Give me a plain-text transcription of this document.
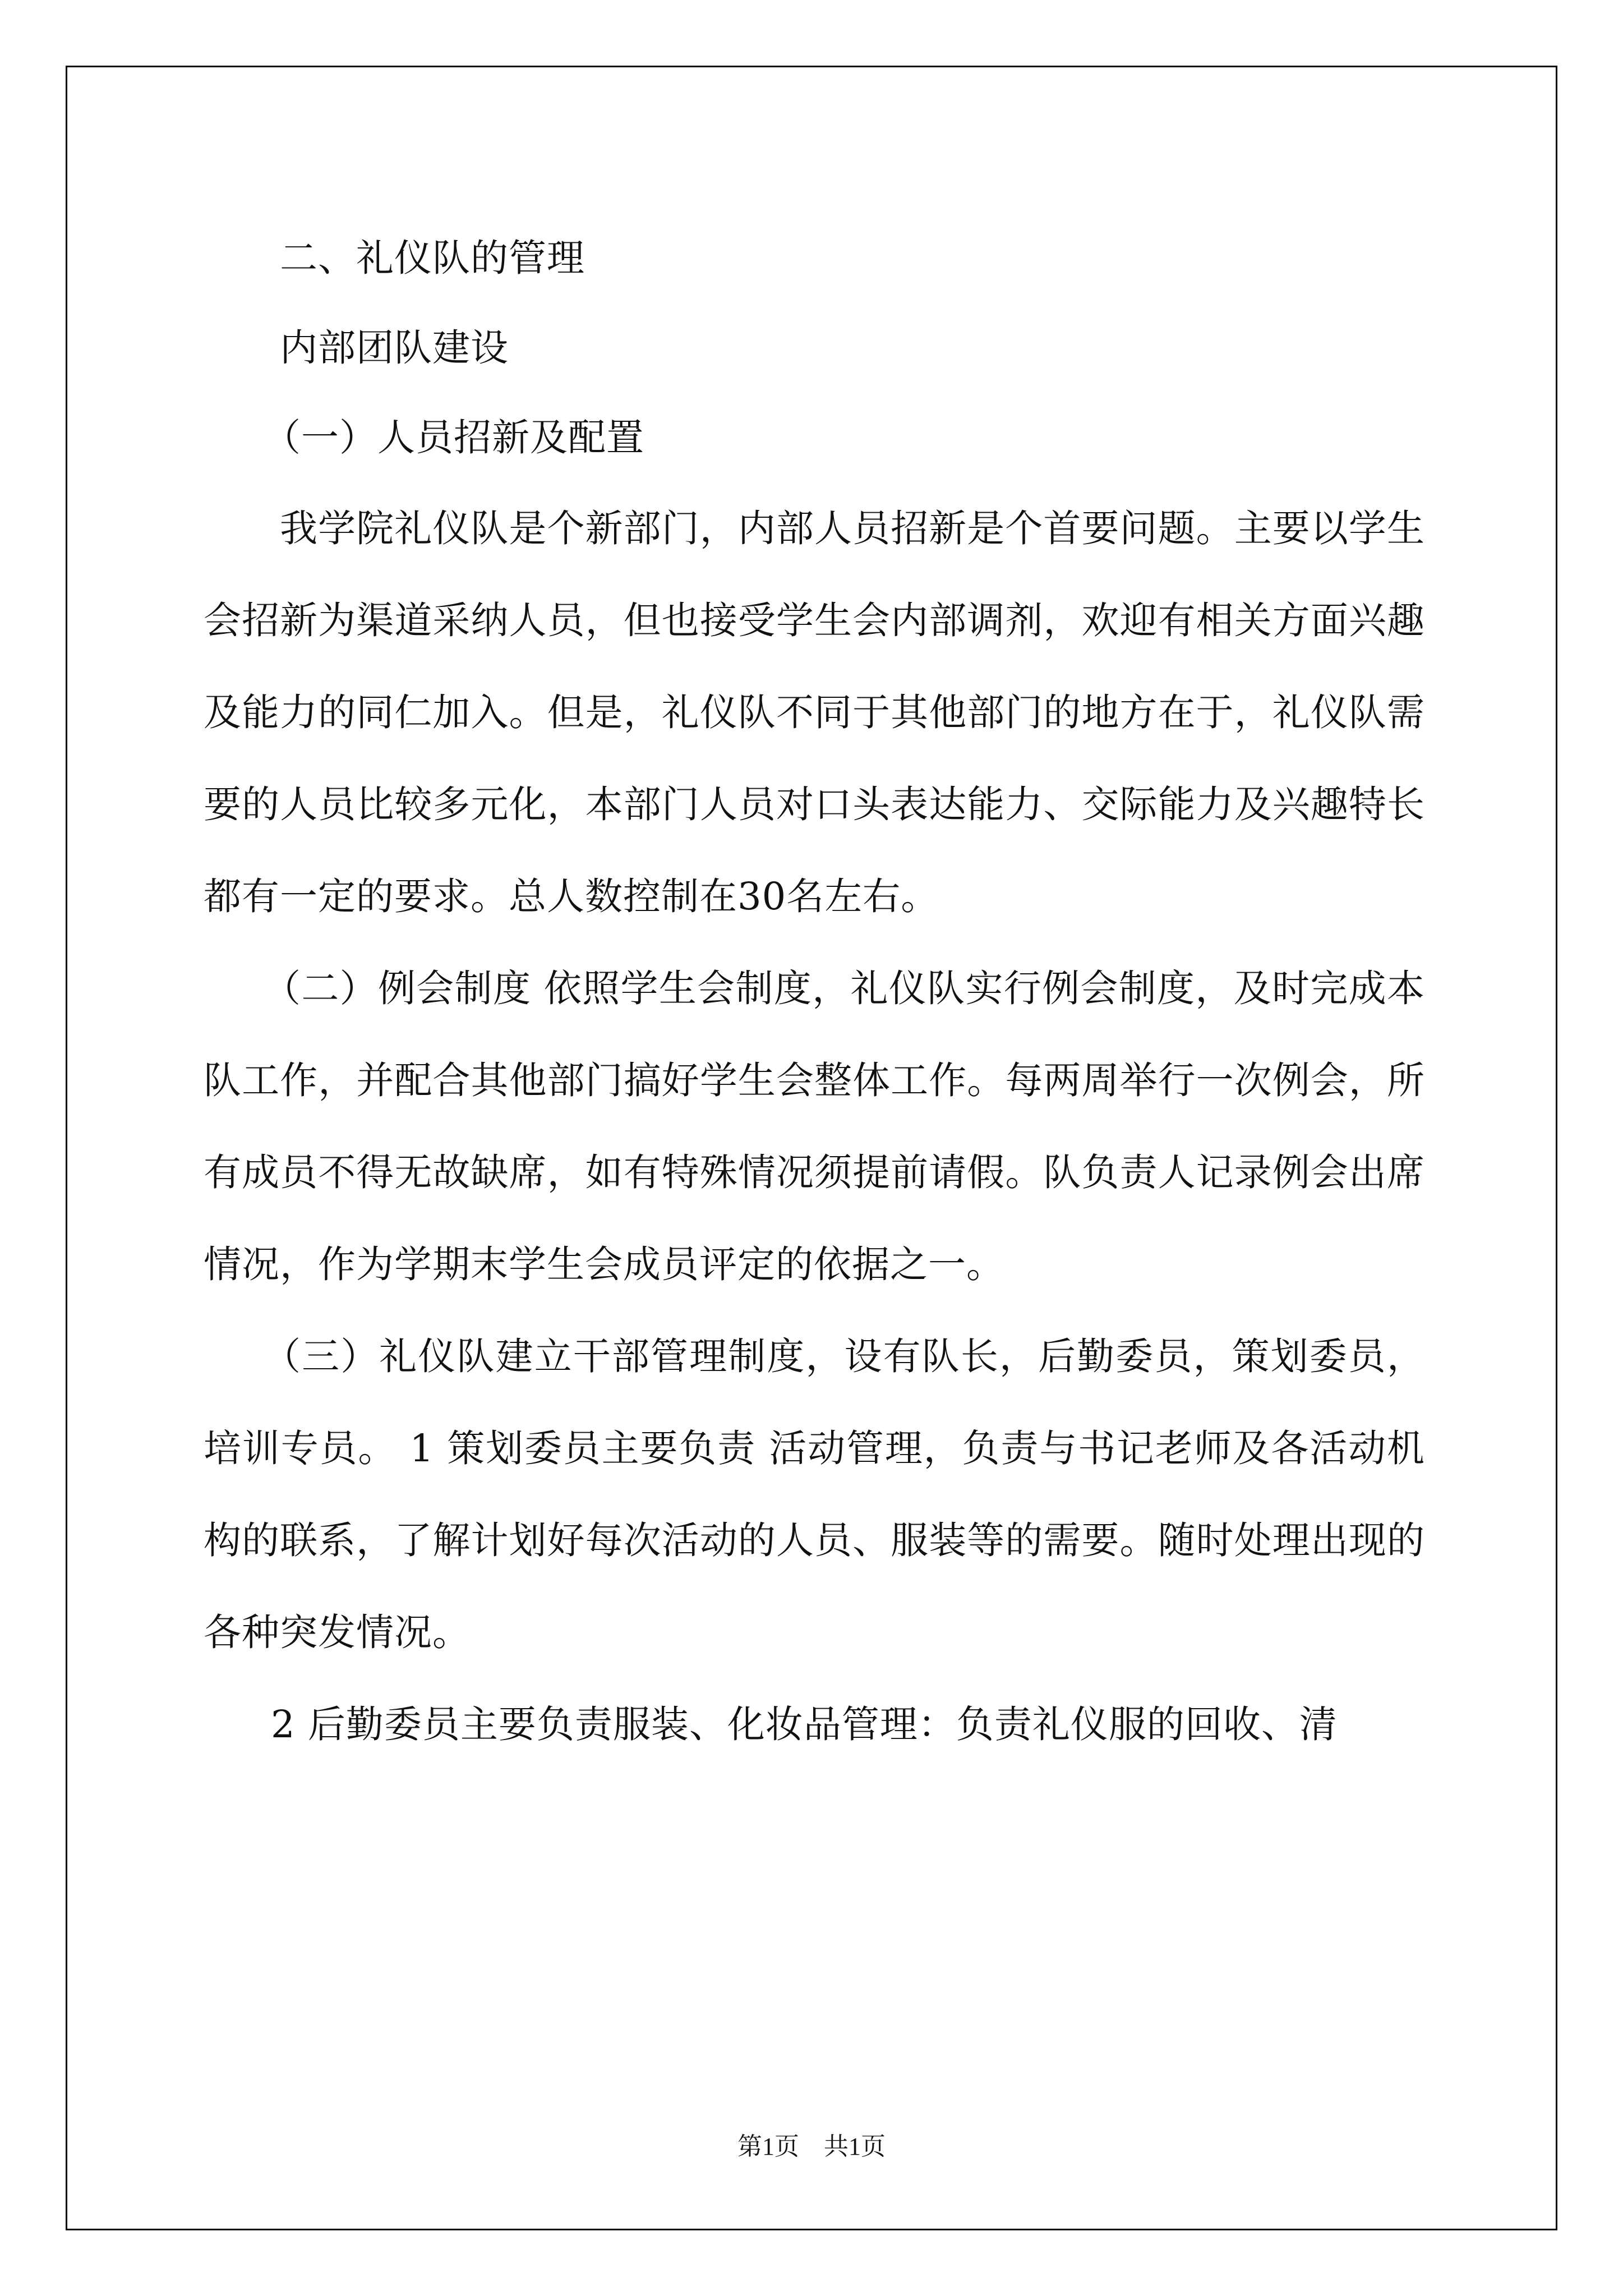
二、礼仪队的管理
内部团队建设
（一）人员招新及配置

我学院礼仪队是个新部门，内部人员招新是个首要问题。主要以学生会招新为渠道采纳人员，但也接受学生会内部调剂，欢迎有相关方面兴趣及能力的同仁加入。但是，礼仪队不同于其他部门的地方在于，礼仪队需要的人员比较多元化，本部门人员对口头表达能力、交际能力及兴趣特长都有一定的要求。总人数控制在30名左右。

（二）例会制度 依照学生会制度，礼仪队实行例会制度，及时完成本队工作，并配合其他部门搞好学生会整体工作。每两周举行一次例会，所有成员不得无故缺席，如有特殊情况须提前请假。队负责人记录例会出席情况，作为学期末学生会成员评定的依据之一。

（三）礼仪队建立干部管理制度，设有队长，后勤委员，策划委员，培训专员。 1 策划委员主要负责 活动管理，负责与书记老师及各活动机构的联系，了解计划好每次活动的人员、服装等的需要。随时处理出现的各种突发情况。

2 后勤委员主要负责服装、化妆品管理：负责礼仪服的回收、清

第1页　共1页
